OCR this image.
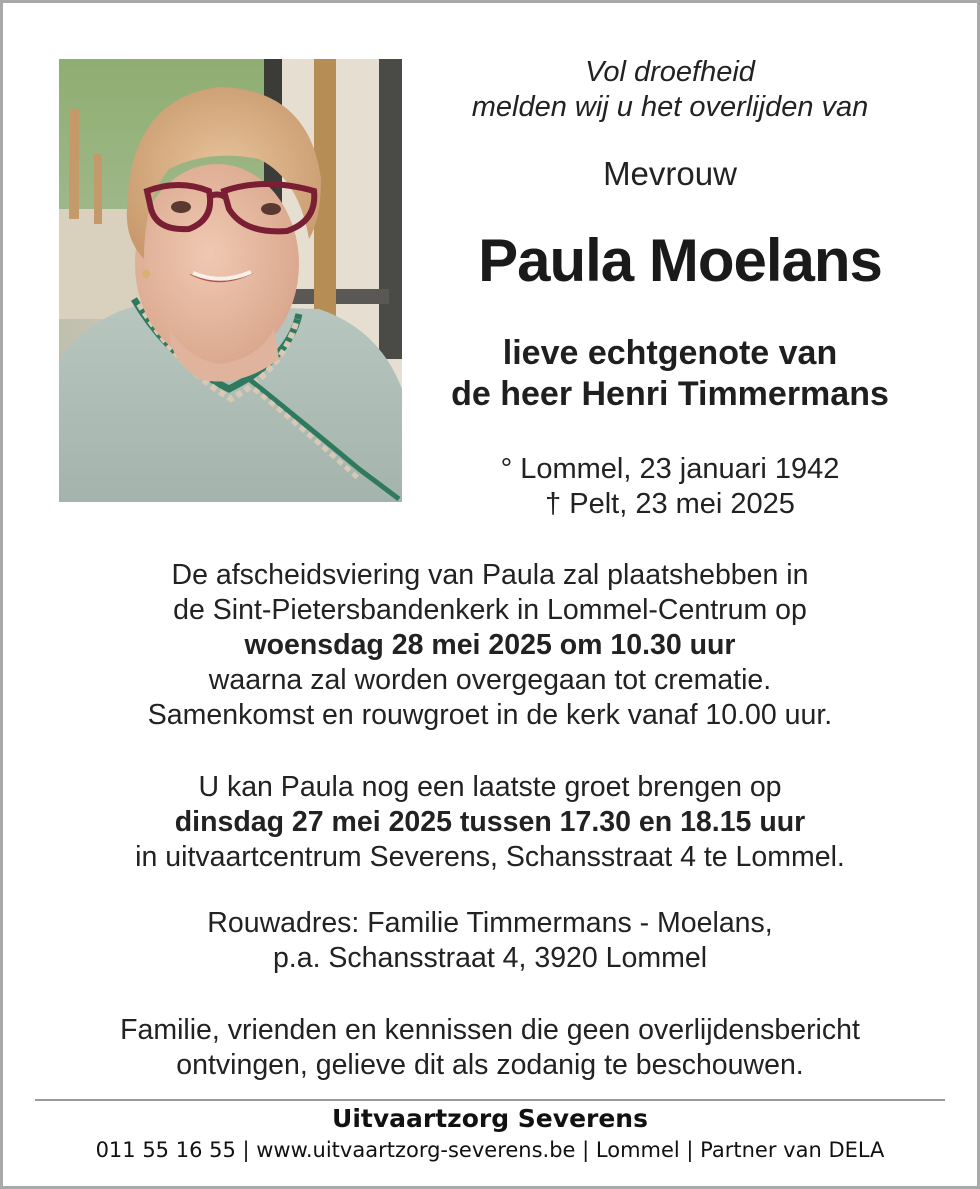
Vol droefheid
melden wij u het overlijden van
Mevrouw
Paula Moelans
lieve echtgenote van
de heer Henri Timmermans
° Lommel, 23 januari 1942
† Pelt, 23 mei 2025
De afscheidsviering van Paula zal plaatshebben in
de Sint-Pietersbandenkerk in Lommel-Centrum op
woensdag 28 mei 2025 om 10.30 uur
waarna zal worden overgegaan tot crematie.
Samenkomst en rouwgroet in de kerk vanaf 10.00 uur.
U kan Paula nog een laatste groet brengen op
dinsdag 27 mei 2025 tussen 17.30 en 18.15 uur
in uitvaartcentrum Severens, Schansstraat 4 te Lommel.
Rouwadres: Familie Timmermans - Moelans,
p.a. Schansstraat 4, 3920 Lommel
Familie, vrienden en kennissen die geen overlijdensbericht
ontvingen, gelieve dit als zodanig te beschouwen.
Uitvaartzorg Severens
011 55 16 55 | www.uitvaartzorg-severens.be | Lommel | Partner van DELA
